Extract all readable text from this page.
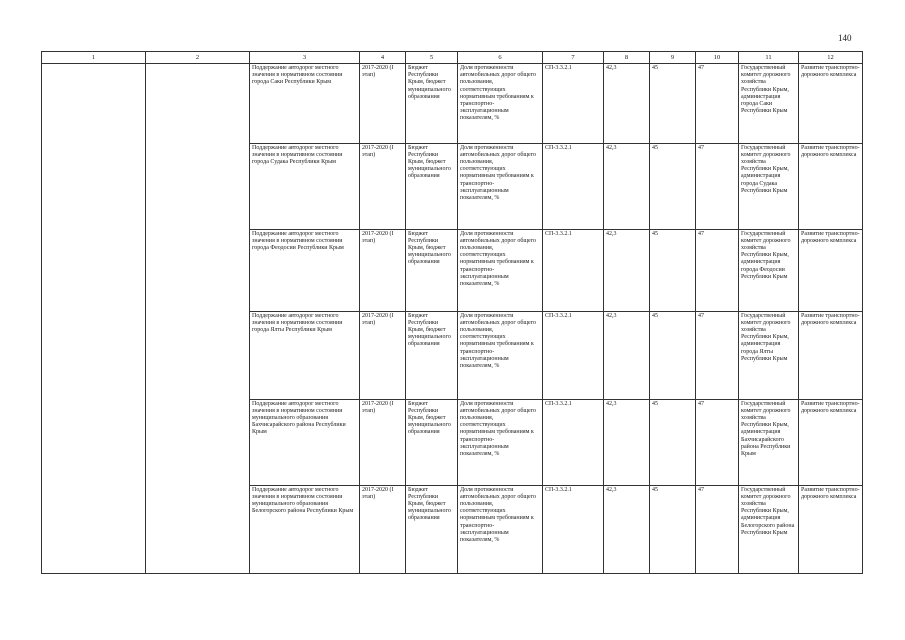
140
1	2	3	4	5	6	7	8	9	10	11	12
		Поддержание автодорог местного значения в нормативном состоянии города Саки Республики Крым	2017-2020 (I этап)	Бюджет Республики Крым, бюджет муниципального образования	Доля протяженности автомобильных дорог общего пользования, соответствующих нормативным требованиям к транспортно-эксплуатационным показателям, %	СП-3.3.2.1	42,3	45	47	Государственный комитет дорожного хозяйства Республики Крым, администрация города Саки Республики Крым	Развитие транспортно-дорожного комплекса
		Поддержание автодорог местного значения в нормативном состоянии города Судака Республики Крым	2017-2020 (I этап)	Бюджет Республики Крым, бюджет муниципального образования	Доля протяженности автомобильных дорог общего пользования, соответствующих нормативным требованиям к транспортно-эксплуатационным показателям, %	СП-3.3.2.1	42,3	45	47	Государственный комитет дорожного хозяйства Республики Крым, администрация города Судака Республики Крым	Развитие транспортно-дорожного комплекса
		Поддержание автодорог местного значения в нормативном состоянии города Феодосии Республики Крым	2017-2020 (I этап)	Бюджет Республики Крым, бюджет муниципального образования	Доля протяженности автомобильных дорог общего пользования, соответствующих нормативным требованиям к транспортно-эксплуатационным показателям, %	СП-3.3.2.1	42,3	45	47	Государственный комитет дорожного хозяйства Республики Крым, администрация города Феодосии Республики Крым	Развитие транспортно-дорожного комплекса
		Поддержание автодорог местного значения в нормативном состоянии города Ялты Республики Крым	2017-2020 (I этап)	Бюджет Республики Крым, бюджет муниципального образования	Доля протяженности автомобильных дорог общего пользования, соответствующих нормативным требованиям к транспортно-эксплуатационным показателям, %	СП-3.3.2.1	42,3	45	47	Государственный комитет дорожного хозяйства Республики Крым, администрация города Ялты Республики Крым	Развитие транспортно-дорожного комплекса
		Поддержание автодорог местного значения в нормативном состоянии муниципального образования Бахчисарайского района Республики Крым	2017-2020 (I этап)	Бюджет Республики Крым, бюджет муниципального образования	Доля протяженности автомобильных дорог общего пользования, соответствующих нормативным требованиям к транспортно-эксплуатационным показателям, %	СП-3.3.2.1	42,3	45	47	Государственный комитет дорожного хозяйства Республики Крым, администрация Бахчисарайского района Республики Крым	Развитие транспортно-дорожного комплекса
		Поддержание автодорог местного значения в нормативном состоянии муниципального образования Белогорского района Республики Крым	2017-2020 (I этап)	Бюджет Республики Крым, бюджет муниципального образования	Доля протяженности автомобильных дорог общего пользования, соответствующих нормативным требованиям к транспортно-эксплуатационным показателям, %	СП-3.3.2.1	42,3	45	47	Государственный комитет дорожного хозяйства Республики Крым, администрация Белогорского района Республики Крым	Развитие транспортно-дорожного комплекса
